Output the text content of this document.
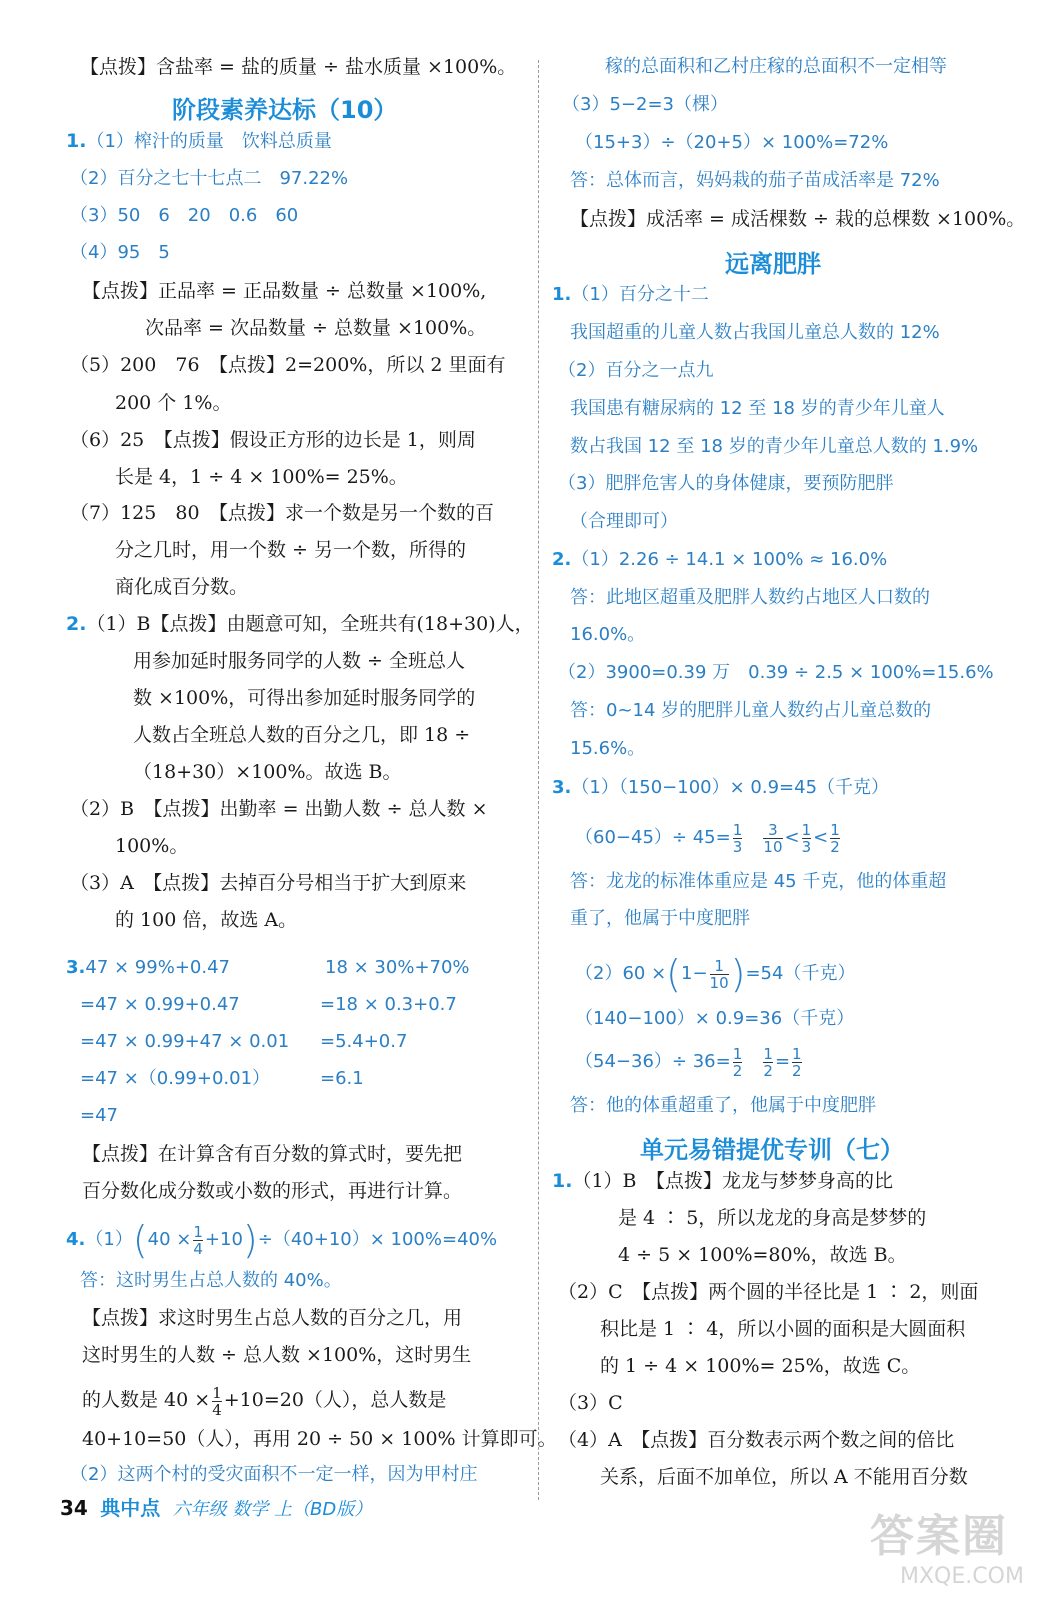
【点拨】含盐率 = 盐的质量 ÷ 盐水质量 ×100%。
阶段素养达标（10）
1.（1）榨汁的质量　饮料总质量
（2）百分之七十七点二　97.22%
（3）50　6　20　0.6　60
（4）95　5
【点拨】正品率 = 正品数量 ÷ 总数量 ×100%,
次品率 = 次品数量 ÷ 总数量 ×100%。
（5）200　76　【点拨】2=200%，所以 2 里面有
200 个 1%。
（6）25　【点拨】假设正方形的边长是 1，则周
长是 4，1 ÷ 4 × 100%= 25%。
（7）125　80　【点拨】求一个数是另一个数的百
分之几时，用一个数 ÷ 另一个数，所得的
商化成百分数。
2.（1）B【点拨】由题意可知，全班共有(18+30)人，
用参加延时服务同学的人数 ÷ 全班总人
数 ×100%，可得出参加延时服务同学的
人数占全班总人数的百分之几，即 18 ÷
（18+30）×100%。故选 B。
（2）B　【点拨】出勤率 = 出勤人数 ÷ 总人数 ×
100%。
（3）A　【点拨】去掉百分号相当于扩大到原来
的 100 倍，故选 A。
3.47 × 99%+0.47
=47 × 0.99+0.47
=47 × 0.99+47 × 0.01
=47 ×（0.99+0.01）
=47
18 × 30%+70%
=18 × 0.3+0.7
=5.4+0.7
=6.1
【点拨】在计算含有百分数的算式时，要先把
百分数化成分数或小数的形式，再进行计算。
$4.(1)(40 \times \frac{1}{4} +10)\div(40+10)\times 100\%=40\%$
答：这时男生占总人数的 40%。
【点拨】求这时男生占总人数的百分之几，用
这时男生的人数 ÷ 总人数 ×100%，这时男生
的人数是 $40 \times \frac{1}{4} +10=20$（人），总人数是
40+10=50（人），再用 20 ÷ 50 × 100% 计算即可。
（2）这两个村的受灾面积不一定一样，因为甲村庄
稼的总面积和乙村庄稼的总面积不一定相等
（3）5−2=3（棵）
（15+3）÷（20+5）× 100%=72%
答：总体而言，妈妈栽的茄子苗成活率是 72%
【点拨】成活率 = 成活棵数 ÷ 栽的总棵数 ×100%。
远离肥胖
1.（1）百分之十二
我国超重的儿童人数占我国儿童总人数的 12%
（2）百分之一点九
我国患有糖尿病的 12 至 18 岁的青少年儿童人
数占我国 12 至 18 岁的青少年儿童总人数的 1.9%
（3）肥胖危害人的身体健康，要预防肥胖
（合理即可）
2.（1）2.26 ÷ 14.1 × 100% ≈ 16.0%
答：此地区超重及肥胖人数约占地区人口数的
16.0%。
（2）3900=0.39 万　0.39 ÷ 2.5 × 100%=15.6%
答：0~14 岁的肥胖儿童人数约占儿童总数的
15.6%。
3.（1）（150−100）× 0.9=45（千克）
$(60-45)\div 45= \frac{1}{3}$
$\frac{3}{10} < \frac{1}{3} < \frac{1}{2}$
答：龙龙的标准体重应是 45 千克，他的体重超
重了，他属于中度肥胖
$(2)60 \times(1- \frac{1}{10} )=54$（千克）
（140−100）× 0.9=36（千克）
$(54-36)\div 36= \frac{1}{2}$
$\frac{1}{2} = \frac{1}{2}$
答：他的体重超重了，他属于中度肥胖
单元易错提优专训（七）
1.（1）B　【点拨】龙龙与梦梦身高的比
是 4 ∶ 5，所以龙龙的身高是梦梦的
4 ÷ 5 × 100%=80%，故选 B。
（2）C　【点拨】两个圆的半径比是 1 ∶ 2，则面
积比是 1 ∶ 4，所以小圆的面积是大圆面积
的 1 ÷ 4 × 100%= 25%，故选 C。
（3）C
（4）A　【点拨】百分数表示两个数之间的倍比
关系，后面不加单位，所以 A 不能用百分数
34 典中点 六年级 数学 上（BD版）
答案圈
MXQE.COM
